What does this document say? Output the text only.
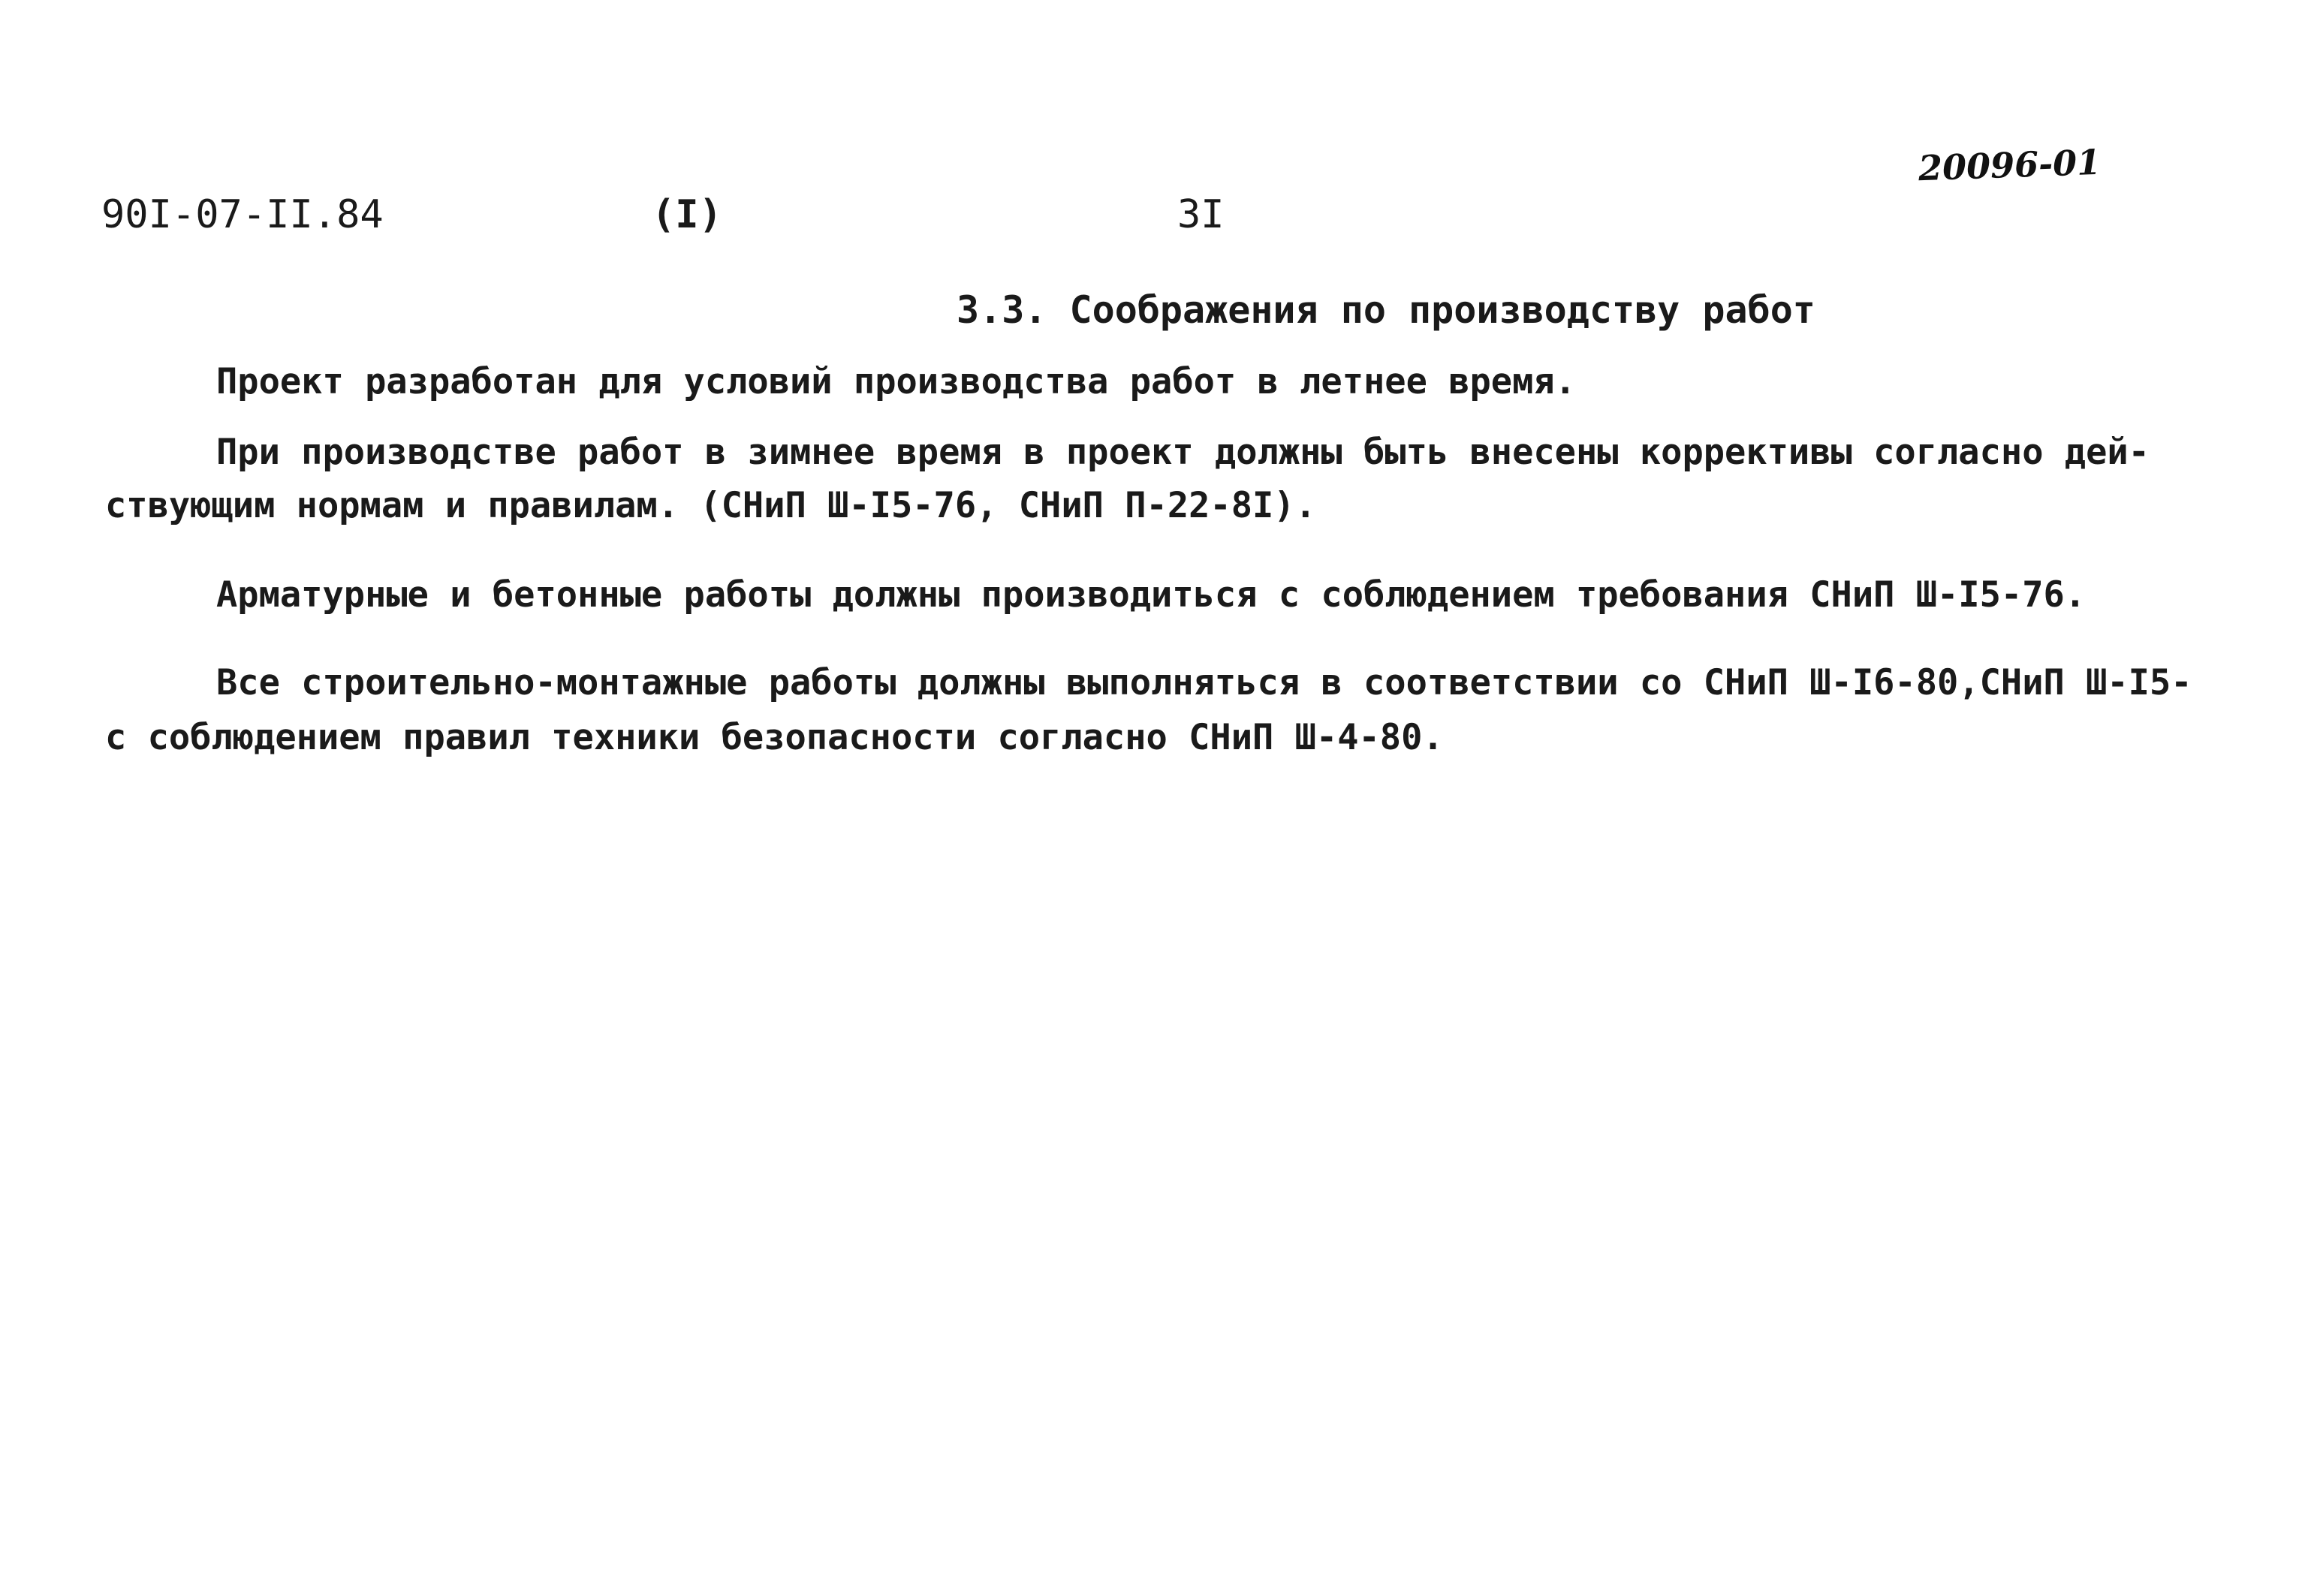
90I-07-II.84	(I)	3I
20096-01
3.3. Соображения по производству работ
Проект разработан для условий производства работ в летнее время.
При производстве работ в зимнее время в проект должны быть внесены коррективы согласно дей-
ствующим нормам и правилам. (СНиП Ш-I5-76, СНиП П-22-8I).
Арматурные и бетонные работы должны производиться с соблюдением требования СНиП Ш-I5-76.
Все строительно-монтажные работы должны выполняться в соответствии со СНиП Ш-I6-80,СНиП Ш-I5-
с соблюдением правил техники безопасности согласно СНиП Ш-4-80.
